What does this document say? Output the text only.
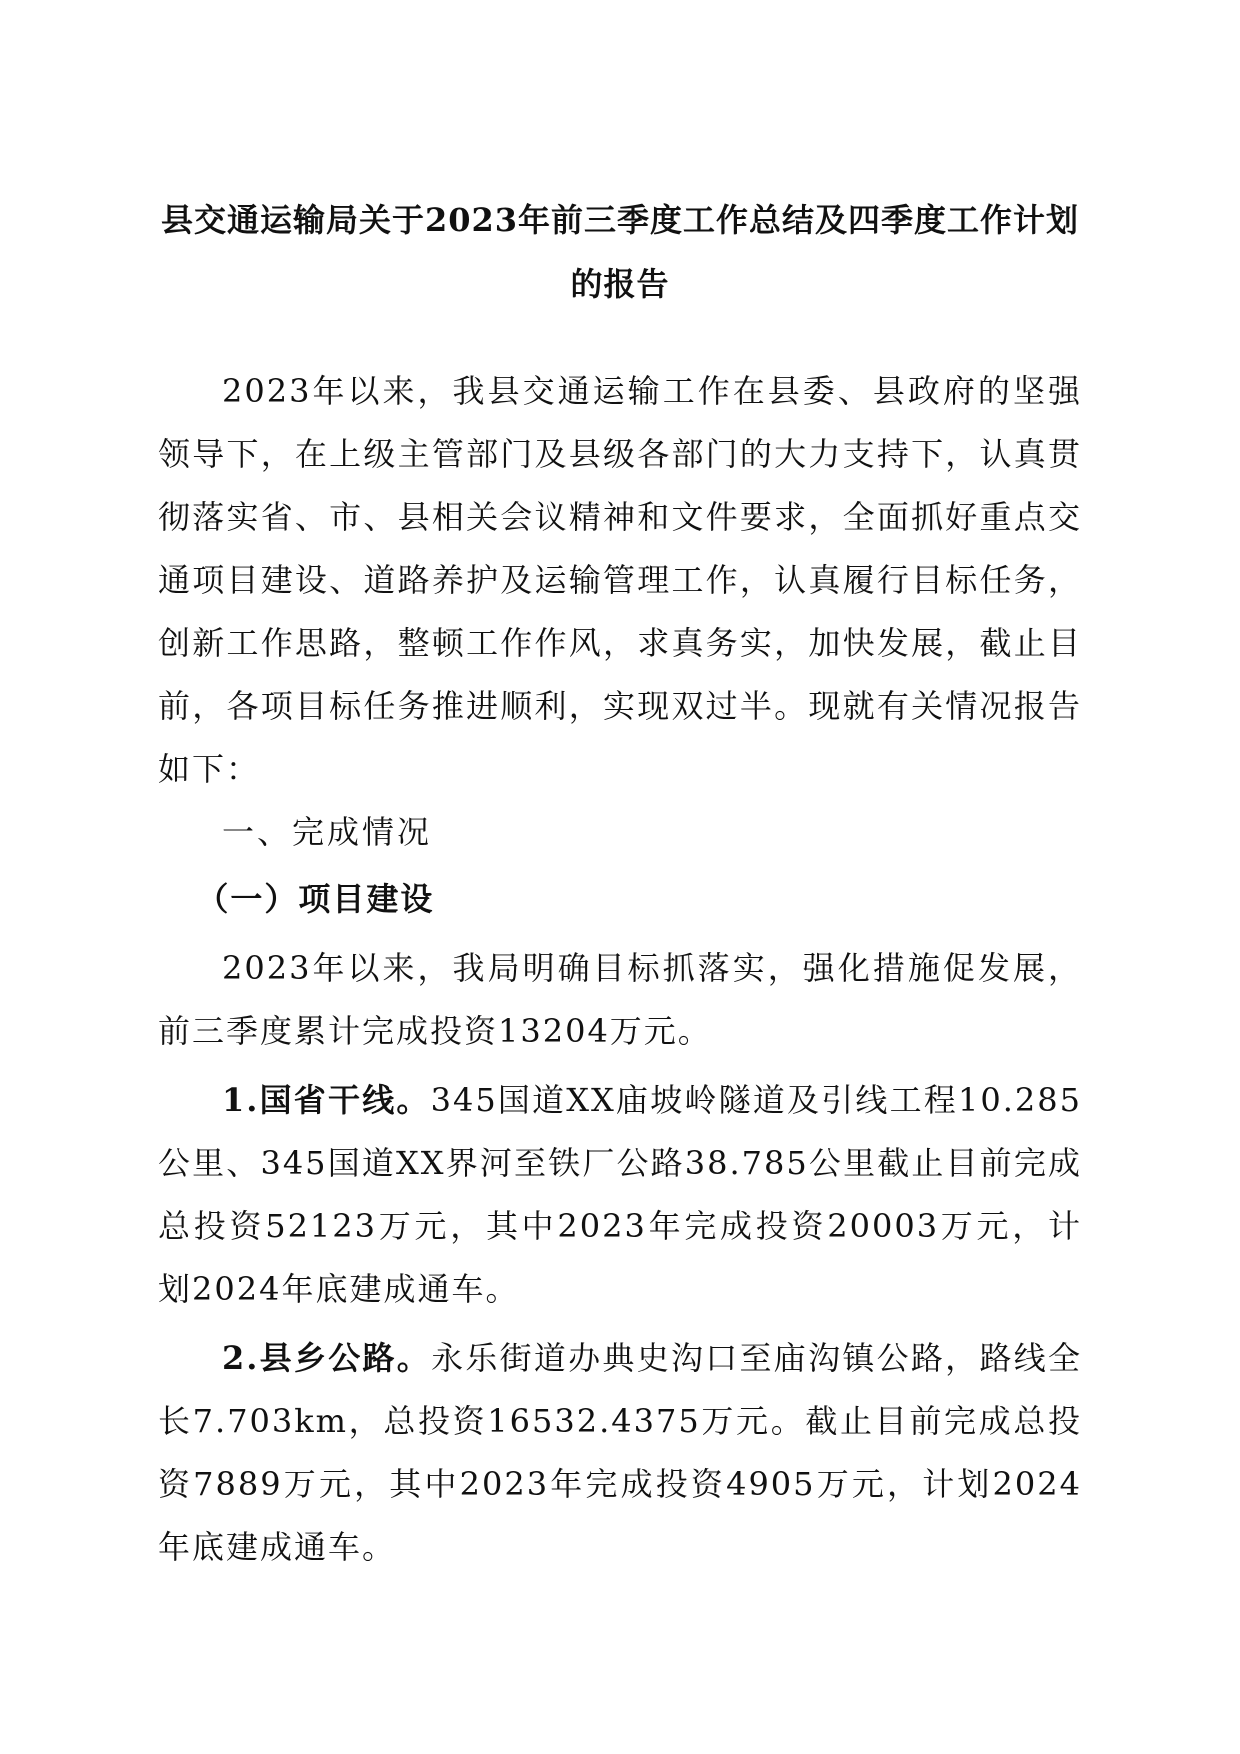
县交通运输局关于2023年前三季度工作总结及四季度工作计划的报告

2023年以来，我县交通运输工作在县委、县政府的坚强领导下，在上级主管部门及县级各部门的大力支持下，认真贯彻落实省、市、县相关会议精神和文件要求，全面抓好重点交通项目建设、道路养护及运输管理工作，认真履行目标任务，创新工作思路，整顿工作作风，求真务实，加快发展，截止目前，各项目标任务推进顺利，实现双过半。现就有关情况报告如下：

一、完成情况

（一）项目建设

2023年以来，我局明确目标抓落实，强化措施促发展，前三季度累计完成投资13204万元。

1.国省干线。345国道XX庙坡岭隧道及引线工程10.285公里、345国道XX界河至铁厂公路38.785公里截止目前完成总投资52123万元，其中2023年完成投资20003万元，计划2024年底建成通车。

2.县乡公路。永乐街道办典史沟口至庙沟镇公路，路线全长7.703km，总投资16532.4375万元。截止目前完成总投资7889万元，其中2023年完成投资4905万元，计划2024年底建成通车。
